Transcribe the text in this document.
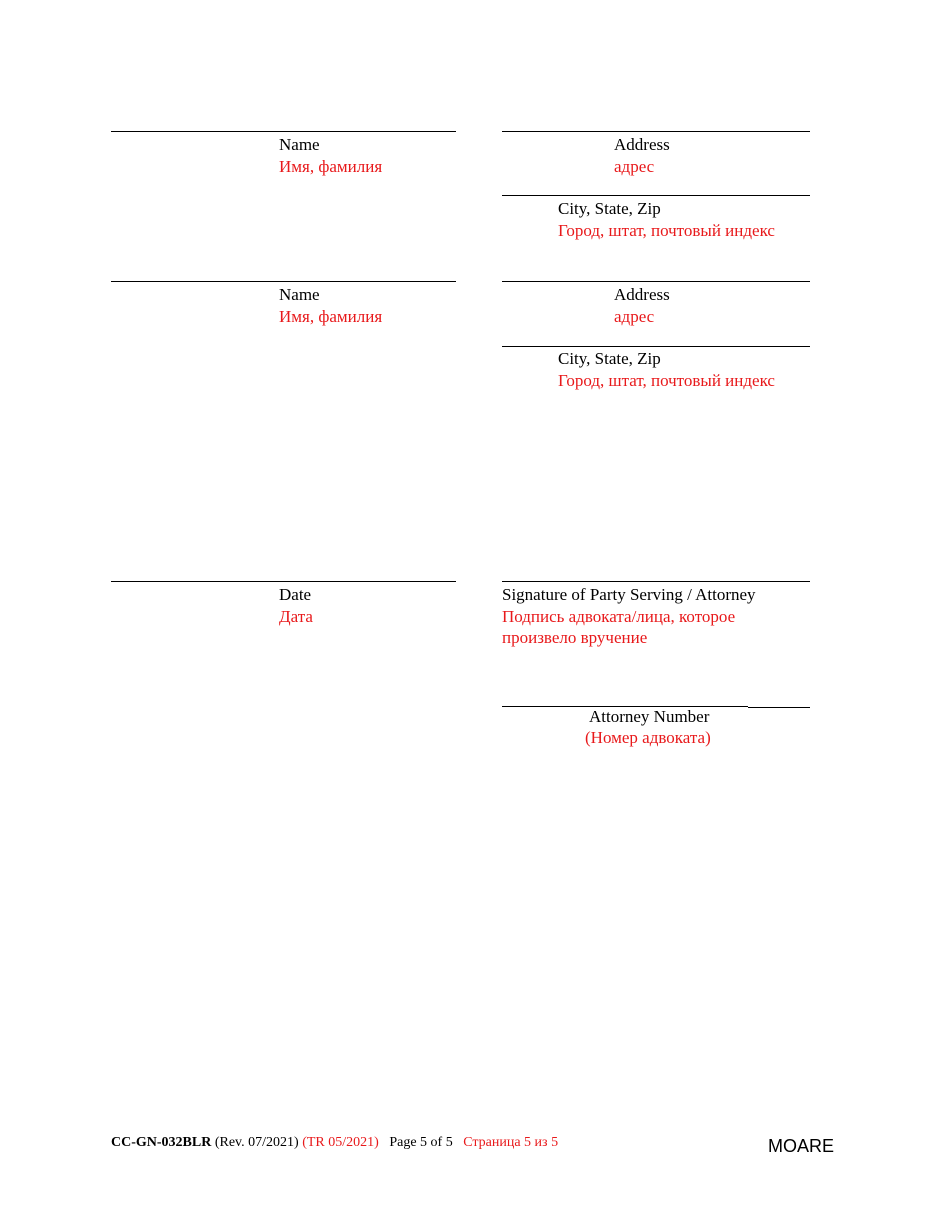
Name
Имя, фамилия
Address
адрес
City, State, Zip
Город, штат, почтовый индекс
Name
Имя, фамилия
Address
адрес
City, State, Zip
Город, штат, почтовый индекс
Date
Дата
Signature of Party Serving / Attorney
Подпись адвоката/лица, которое произвело вручение
Attorney Number
(Номер адвоката)
CC-GN-032BLR (Rev. 07/2021) (TR 05/2021) Page 5 of 5 Страница 5 из 5	MOARE
